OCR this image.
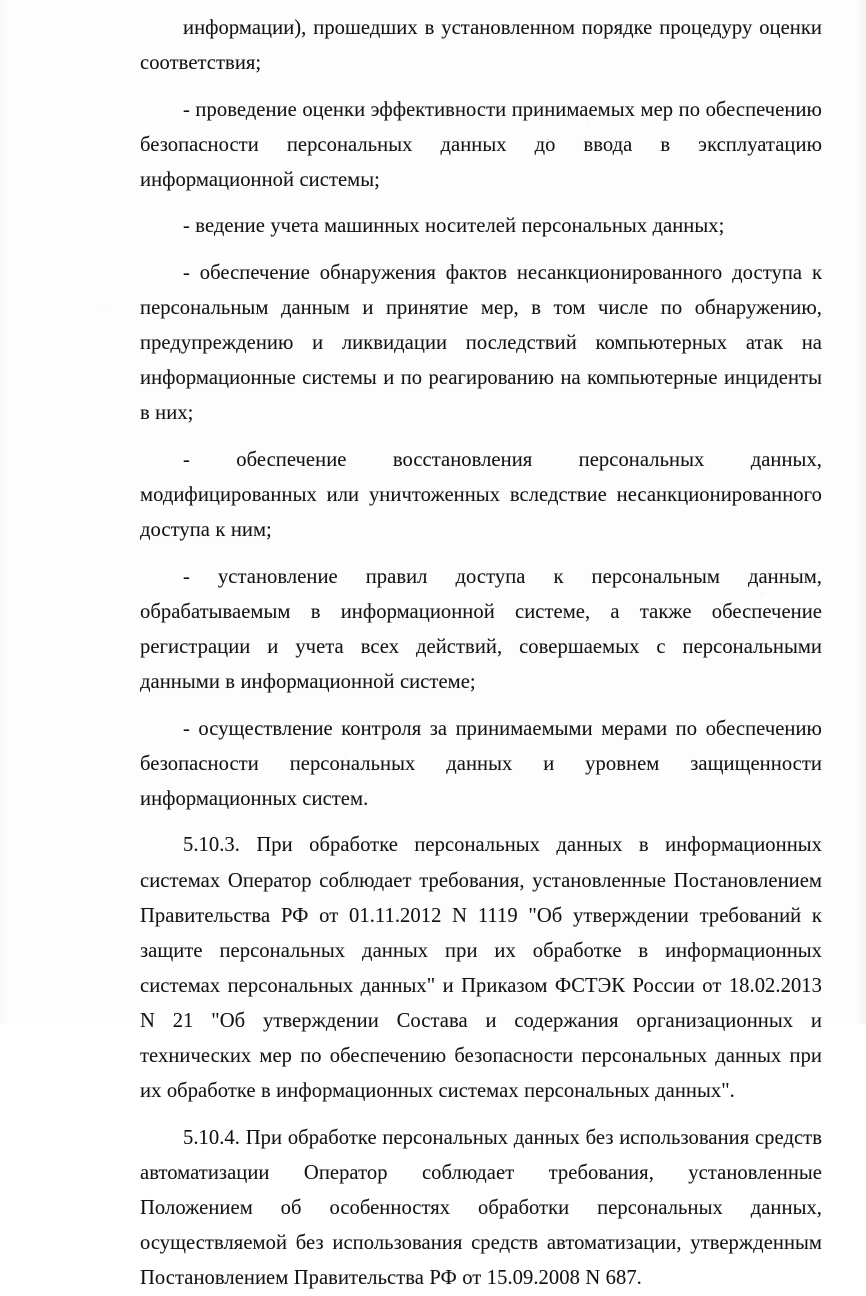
информации), прошедших в установленном порядке процедуру оценки соответствия;

- проведение оценки эффективности принимаемых мер по обеспечению безопасности персональных данных до ввода в эксплуатацию информационной системы;

- ведение учета машинных носителей персональных данных;

- обеспечение обнаружения фактов несанкционированного доступа к персональным данным и принятие мер, в том числе по обнаружению, предупреждению и ликвидации последствий компьютерных атак на информационные системы и по реагированию на компьютерные инциденты в них;

- обеспечение восстановления персональных данных, модифицированных или уничтоженных вследствие несанкционированного доступа к ним;

- установление правил доступа к персональным данным, обрабатываемым в информационной системе, а также обеспечение регистрации и учета всех действий, совершаемых с персональными данными в информационной системе;

- осуществление контроля за принимаемыми мерами по обеспечению безопасности персональных данных и уровнем защищенности информационных систем.

5.10.3. При обработке персональных данных в информационных системах Оператор соблюдает требования, установленные Постановлением Правительства РФ от 01.11.2012 N 1119 "Об утверждении требований к защите персональных данных при их обработке в информационных системах персональных данных" и Приказом ФСТЭК России от 18.02.2013 N 21 "Об утверждении Состава и содержания организационных и технических мер по обеспечению безопасности персональных данных при их обработке в информационных системах персональных данных".

5.10.4. При обработке персональных данных без использования средств автоматизации Оператор соблюдает требования, установленные Положением об особенностях обработки персональных данных, осуществляемой без использования средств автоматизации, утвержденным Постановлением Правительства РФ от 15.09.2008 N 687.
